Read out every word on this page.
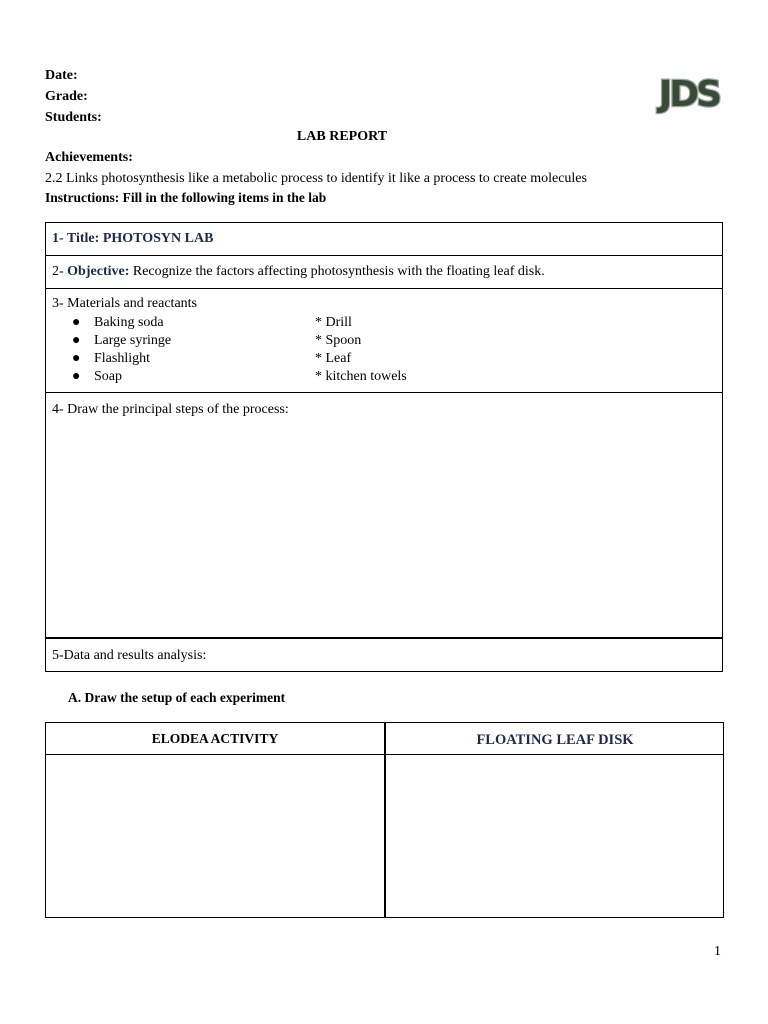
Date:
Grade:
Students:
JDS
LAB REPORT
Achievements:
2.2 Links photosynthesis like a metabolic process to identify it like a process to create molecules
Instructions: Fill in the following items in the lab
1- Title: PHOTOSYN LAB
2- Objective: Recognize the factors affecting photosynthesis with the floating leaf disk.
3- Materials and reactants
● Baking soda
● Large syringe
● Flashlight
● Soap
* Drill
* Spoon
* Leaf
* kitchen towels
4- Draw the principal steps of the process:
5-Data and results analysis:
A. Draw the setup of each experiment
ELODEA ACTIVITY	FLOATING LEAF DISK
1
